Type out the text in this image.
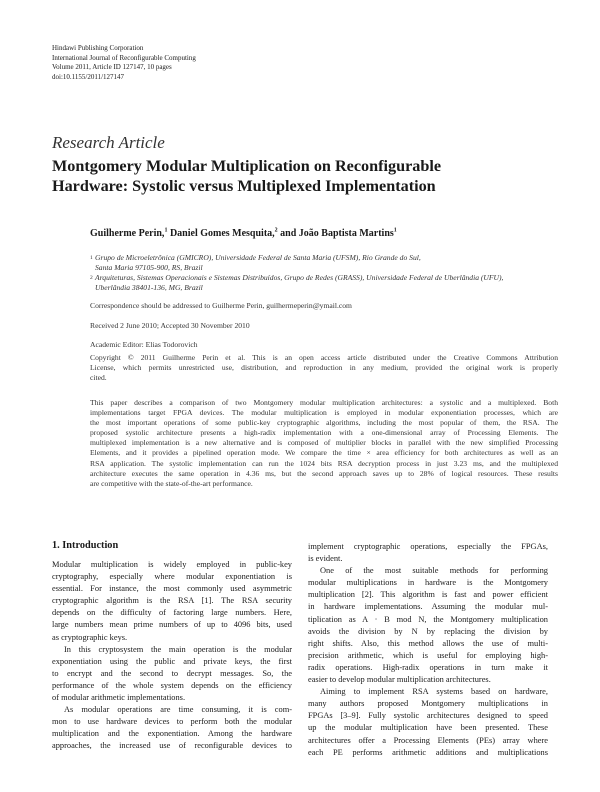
Hindawi Publishing Corporation
International Journal of Reconfigurable Computing
Volume 2011, Article ID 127147, 10 pages
doi:10.1155/2011/127147
Research Article
Montgomery Modular Multiplication on Reconfigurable
Hardware: Systolic versus Multiplexed Implementation
Guilherme Perin,$^1$ Daniel Gomes Mesquita,$^2$ and João Baptista Martins$^1$
1 Grupo de Microeletrônica (GMICRO), Universidade Federal de Santa Maria (UFSM), Rio Grande do Sul,
Santa Maria 97105-900, RS, Brazil
2 Arquiteturas, Sistemas Operacionais e Sistemas Distribuídos, Grupo de Redes (GRASS), Universidade Federal de Uberlândia (UFU),
Uberlândia 38401-136, MG, Brazil
Correspondence should be addressed to Guilherme Perin, guilhermeperin@ymail.com
Received 2 June 2010; Accepted 30 November 2010
Academic Editor: Elias Todorovich
Copyright © 2011 Guilherme Perin et al. This is an open access article distributed under the Creative Commons Attribution
License, which permits unrestricted use, distribution, and reproduction in any medium, provided the original work is properly
cited.
This paper describes a comparison of two Montgomery modular multiplication architectures: a systolic and a multiplexed. Both
implementations target FPGA devices. The modular multiplication is employed in modular exponentiation processes, which are
the most important operations of some public-key cryptographic algorithms, including the most popular of them, the RSA. The
proposed systolic architecture presents a high-radix implementation with a one-dimensional array of Processing Elements. The
multiplexed implementation is a new alternative and is composed of multiplier blocks in parallel with the new simplified Processing
Elements, and it provides a pipelined operation mode. We compare the time × area efficiency for both architectures as well as an
RSA application. The systolic implementation can run the 1024 bits RSA decryption process in just 3.23 ms, and the multiplexed
architecture executes the same operation in 4.36 ms, but the second approach saves up to 28% of logical resources. These results
are competitive with the state-of-the-art performance.
1. Introduction
Modular multiplication is widely employed in public-key
cryptography, especially where modular exponentiation is
essential. For instance, the most commonly used asymmetric
cryptographic algorithm is the RSA [1]. The RSA security
depends on the difficulty of factoring large numbers. Here,
large numbers mean prime numbers of up to 4096 bits, used
as cryptographic keys.
In this cryptosystem the main operation is the modular
exponentiation using the public and private keys, the first
to encrypt and the second to decrypt messages. So, the
performance of the whole system depends on the efficiency
of modular arithmetic implementations.
As modular operations are time consuming, it is com-
mon to use hardware devices to perform both the modular
multiplication and the exponentiation. Among the hardware
approaches, the increased use of reconfigurable devices to
implement cryptographic operations, especially the FPGAs,
is evident.
One of the most suitable methods for performing
modular multiplications in hardware is the Montgomery
multiplication [2]. This algorithm is fast and power efficient
in hardware implementations. Assuming the modular mul-
tiplication as A · B mod N, the Montgomery multiplication
avoids the division by N by replacing the division by
right shifts. Also, this method allows the use of multi-
precision arithmetic, which is useful for employing high-
radix operations. High-radix operations in turn make it
easier to develop modular multiplication architectures.
Aiming to implement RSA systems based on hardware,
many authors proposed Montgomery multiplications in
FPGAs [3–9]. Fully systolic architectures designed to speed
up the modular multiplication have been presented. These
architectures offer a Processing Elements (PEs) array where
each PE performs arithmetic additions and multiplications
